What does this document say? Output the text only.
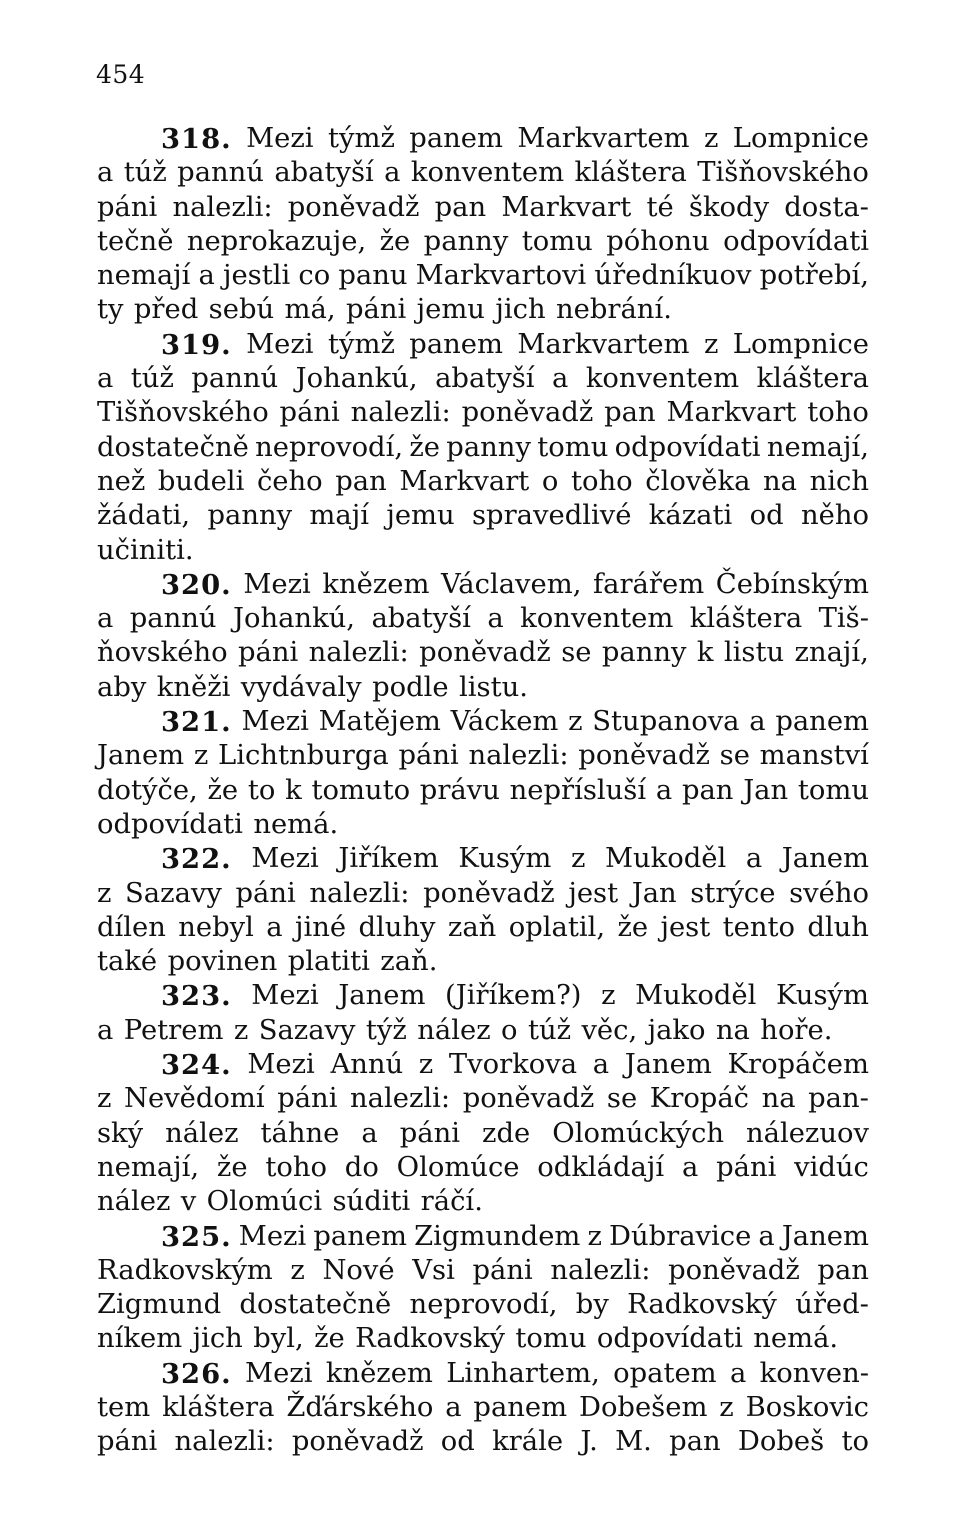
454
318. Mezi týmž panem Markvartem z Lompnice
a túž pannú abatyší a konventem kláštera Tišňovského
páni nalezli: poněvadž pan Markvart té škody dosta-
tečně neprokazuje, že panny tomu póhonu odpovídati
nemají a jestli co panu Markvartovi úředníkuov potřebí,
ty před sebú má, páni jemu jich nebrání.
319. Mezi týmž panem Markvartem z Lompnice
a túž pannú Johankú, abatyší a konventem kláštera
Tišňovského páni nalezli: poněvadž pan Markvart toho
dostatečně neprovodí, že panny tomu odpovídati nemají,
než budeli čeho pan Markvart o toho člověka na nich
žádati, panny mají jemu spravedlivé kázati od něho
učiniti.
320. Mezi knězem Václavem, farářem Čebínským
a pannú Johankú, abatyší a konventem kláštera Tiš-
ňovského páni nalezli: poněvadž se panny k listu znají,
aby kněži vydávaly podle listu.
321. Mezi Matějem Váckem z Stupanova a panem
Janem z Lichtnburga páni nalezli: poněvadž se manství
dotýče, že to k tomuto právu nepřísluší a pan Jan tomu
odpovídati nemá.
322. Mezi Jiříkem Kusým z Mukoděl a Janem
z Sazavy páni nalezli: poněvadž jest Jan strýce svého
dílen nebyl a jiné dluhy zaň oplatil, že jest tento dluh
také povinen platiti zaň.
323. Mezi Janem (Jiříkem?) z Mukoděl Kusým
a Petrem z Sazavy týž nález o túž věc, jako na hoře.
324. Mezi Annú z Tvorkova a Janem Kropáčem
z Nevědomí páni nalezli: poněvadž se Kropáč na pan-
ský nález táhne a páni zde Olomúckých nálezuov
nemají, že toho do Olomúce odkládají a páni vidúc
nález v Olomúci súditi ráčí.
325. Mezi panem Zigmundem z Dúbravice a Janem
Radkovským z Nové Vsi páni nalezli: poněvadž pan
Zigmund dostatečně neprovodí, by Radkovský úřed-
níkem jich byl, že Radkovský tomu odpovídati nemá.
326. Mezi knězem Linhartem, opatem a konven-
tem kláštera Žďárského a panem Dobešem z Boskovic
páni nalezli: poněvadž od krále J. M. pan Dobeš to
